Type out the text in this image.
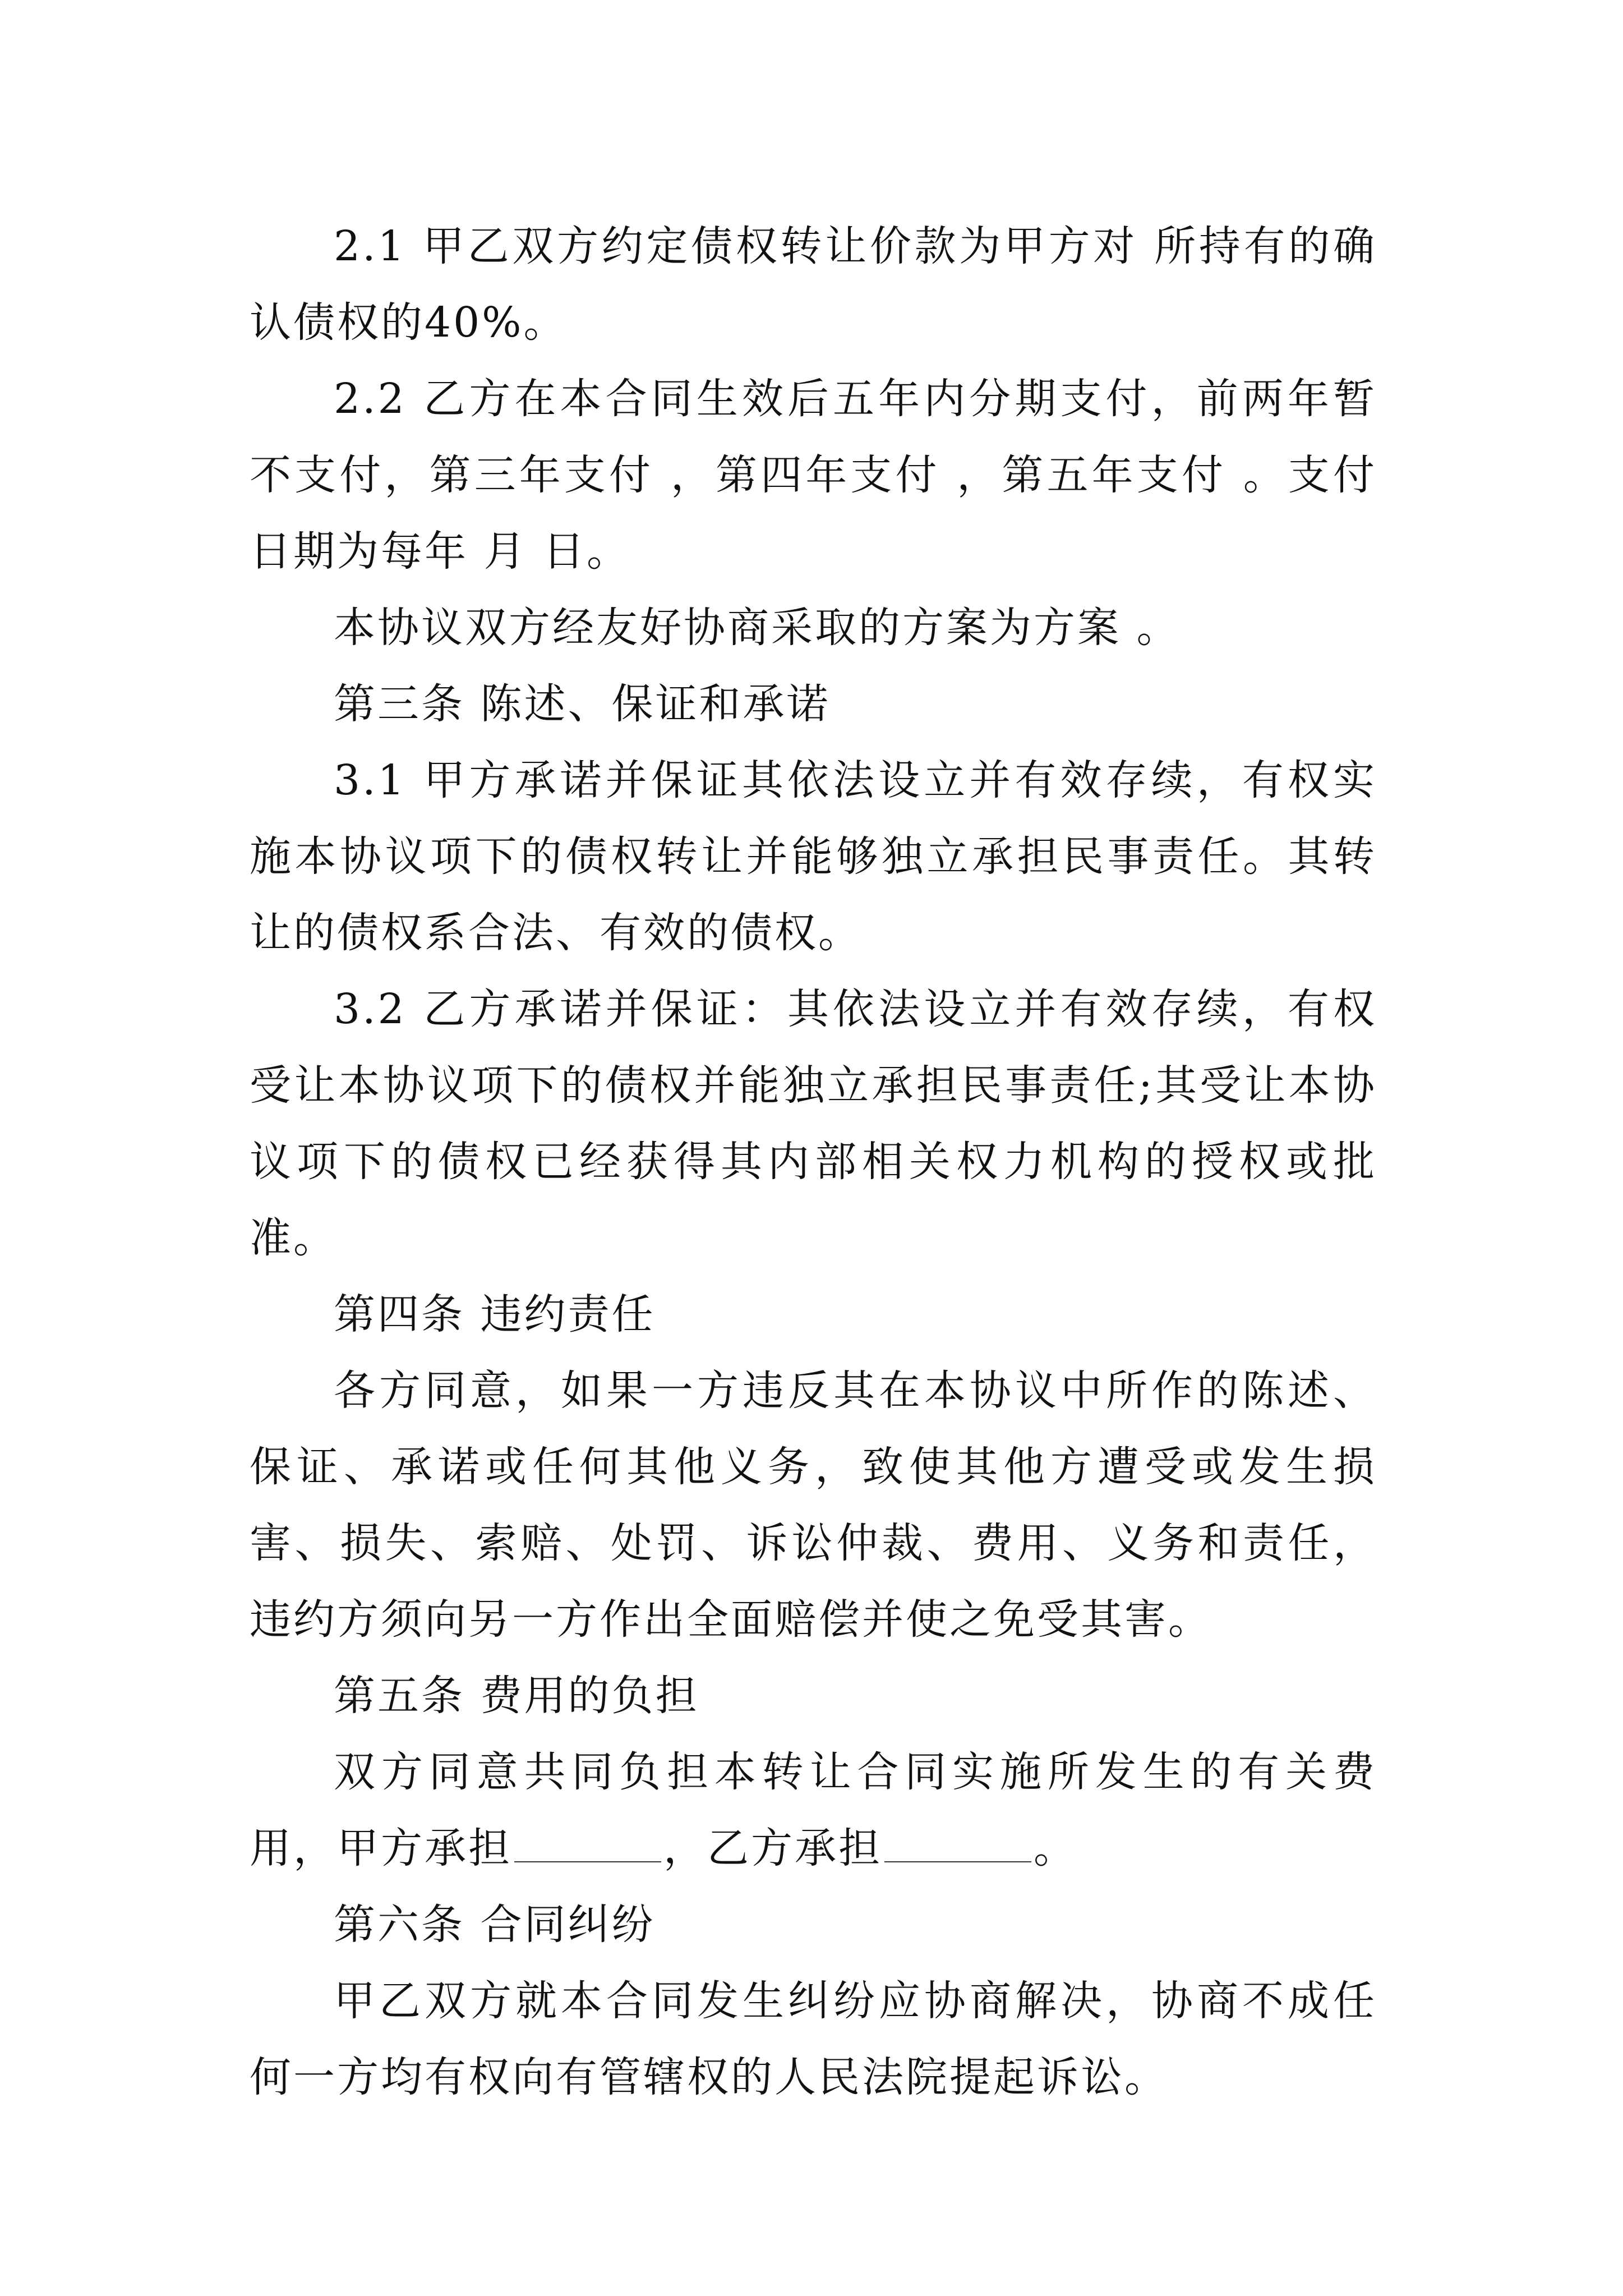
2.1 甲乙双方约定债权转让价款为甲方对 所持有的确认债权的40%。

2.2 乙方在本合同生效后五年内分期支付，前两年暂不支付，第三年支付 ，第四年支付 ，第五年支付 。支付日期为每年 月 日。

本协议双方经友好协商采取的方案为方案 。

第三条 陈述、保证和承诺

3.1 甲方承诺并保证其依法设立并有效存续，有权实施本协议项下的债权转让并能够独立承担民事责任。其转让的债权系合法、有效的债权。

3.2 乙方承诺并保证：其依法设立并有效存续，有权受让本协议项下的债权并能独立承担民事责任;其受让本协议项下的债权已经获得其内部相关权力机构的授权或批准。

第四条 违约责任

各方同意，如果一方违反其在本协议中所作的陈述、保证、承诺或任何其他义务，致使其他方遭受或发生损害、损失、索赔、处罚、诉讼仲裁、费用、义务和责任，违约方须向另一方作出全面赔偿并使之免受其害。

第五条 费用的负担

双方同意共同负担本转让合同实施所发生的有关费用，甲方承担	，乙方承担	。

第六条 合同纠纷

甲乙双方就本合同发生纠纷应协商解决，协商不成任何一方均有权向有管辖权的人民法院提起诉讼。
